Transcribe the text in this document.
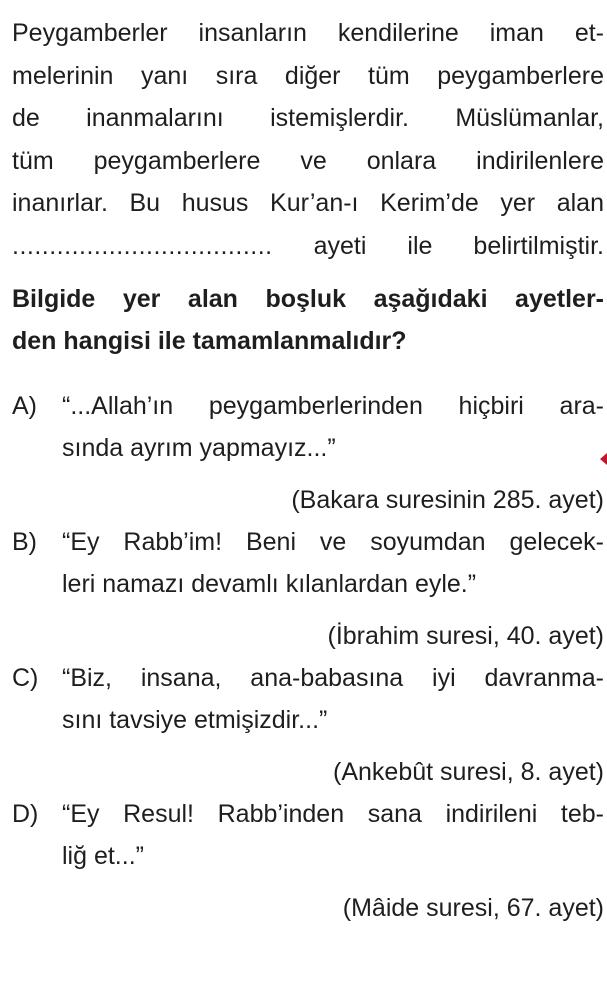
Peygamberler insanların kendilerine iman et-
melerinin yanı sıra diğer tüm peygamberlere
de inanmalarını istemişlerdir. Müslümanlar,
tüm peygamberlere ve onlara indirilenlere
inanırlar. Bu husus Kur’an-ı Kerim’de yer alan
................................... ayeti ile belirtilmiştir.
Bilgide yer alan boşluk aşağıdaki ayetler-
den hangisi ile tamamlanmalıdır?
A) “...Allah’ın peygamberlerinden hiçbiri ara-
sında ayrım yapmayız...”
(Bakara suresinin 285. ayet)
B) “Ey Rabb’im! Beni ve soyumdan gelecek-
leri namazı devamlı kılanlardan eyle.”
(İbrahim suresi, 40. ayet)
C) “Biz, insana, ana-babasına iyi davranma-
sını tavsiye etmişizdir...”
(Ankebût suresi, 8. ayet)
D) “Ey Resul! Rabb’inden sana indirileni teb-
liğ et...”
(Mâide suresi, 67. ayet)
